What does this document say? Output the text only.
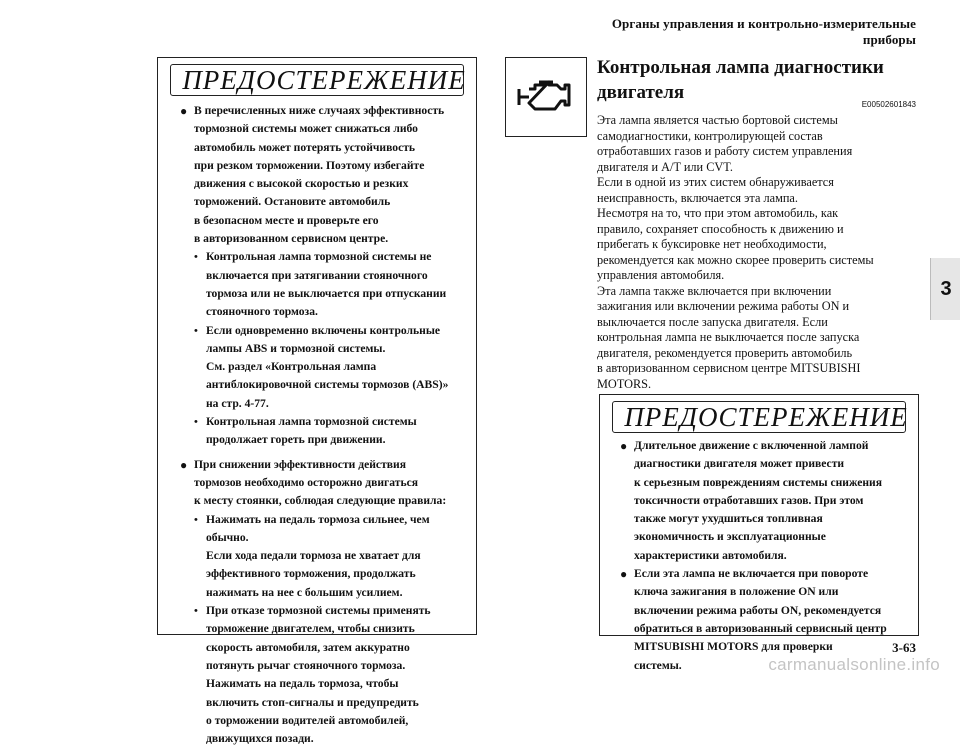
Органы управления и контрольно-измерительные приборы
3
ПРЕДОСТЕРЕЖЕНИЕ
● В перечисленных ниже случаях эффективность
тормозной системы может снижаться либо
автомобиль может потерять устойчивость
при резком торможении. Поэтому избегайте
движения с высокой скоростью и резких
торможений. Остановите автомобиль
в безопасном месте и проверьте его
в авторизованном сервисном центре.
• Контрольная лампа тормозной системы не
включается при затягивании стояночного
тормоза или не выключается при отпускании
стояночного тормоза.
• Если одновременно включены контрольные
лампы ABS и тормозной системы.
См. раздел «Контрольная лампа
антиблокировочной системы тормозов (ABS)»
на стр. 4-77.
• Контрольная лампа тормозной системы
продолжает гореть при движении.
● При снижении эффективности действия
тормозов необходимо осторожно двигаться
к месту стоянки, соблюдая следующие правила:
• Нажимать на педаль тормоза сильнее, чем
обычно.
Если хода педали тормоза не хватает для
эффективного торможения, продолжать
нажимать на нее с большим усилием.
• При отказе тормозной системы применять
торможение двигателем, чтобы снизить
скорость автомобиля, затем аккуратно
потянуть рычаг стояночного тормоза.
Нажимать на педаль тормоза, чтобы
включить стоп-сигналы и предупредить
о торможении водителей автомобилей,
движущихся позади.
Контрольная лампа диагностики
двигателя
E00502601843
Эта лампа является частью бортовой системы
самодиагностики, контролирующей состав
отработавших газов и работу систем управления
двигателя и A/T или CVT.
Если в одной из этих систем обнаруживается
неисправность, включается эта лампа.
Несмотря на то, что при этом автомобиль, как
правило, сохраняет способность к движению и
прибегать к буксировке нет необходимости,
рекомендуется как можно скорее проверить системы
управления автомобиля.
Эта лампа также включается при включении
зажигания или включении режима работы ON и
выключается после запуска двигателя. Если
контрольная лампа не выключается после запуска
двигателя, рекомендуется проверить автомобиль
в авторизованном сервисном центре MITSUBISHI
MOTORS.
ПРЕДОСТЕРЕЖЕНИЕ
● Длительное движение с включенной лампой
диагностики двигателя может привести
к серьезным повреждениям системы снижения
токсичности отработавших газов. При этом
также могут ухудшиться топливная
экономичность и эксплуатационные
характеристики автомобиля.
● Если эта лампа не включается при повороте
ключа зажигания в положение ON или
включении режима работы ON, рекомендуется
обратиться в авторизованный сервисный центр
MITSUBISHI MOTORS для проверки
системы.
3-63
carmanualsonline.info
